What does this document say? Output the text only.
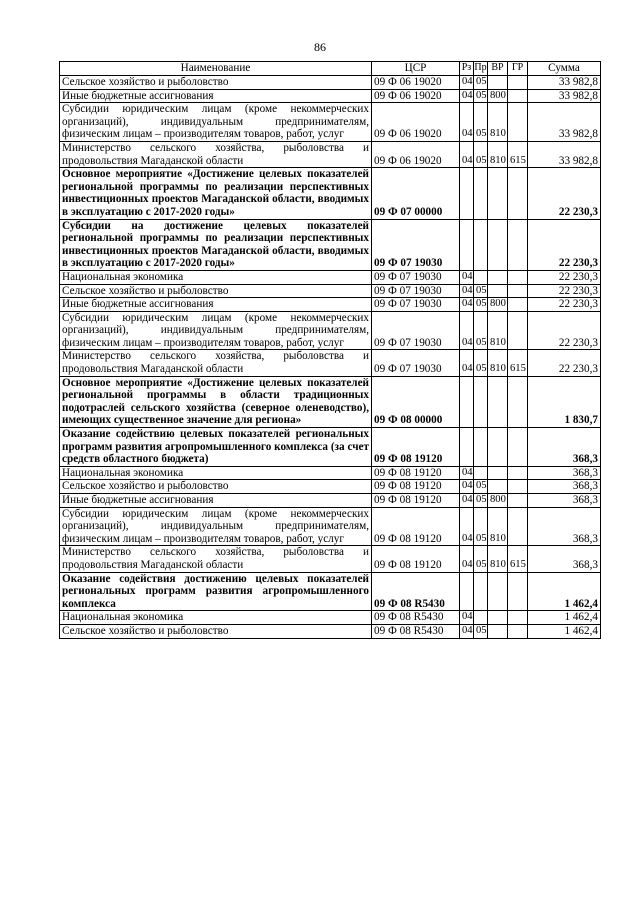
86
Наименование	ЦСР	Рз	Пр	ВР	ГР	Сумма
Сельское хозяйство и рыболовство	09 Ф 06 19020	04	05			33 982,8
Иные бюджетные ассигнования	09 Ф 06 19020	04	05	800		33 982,8
Субсидии юридическим лицам (кроме некоммерческих организаций), индивидуальным предпринимателям, физическим лицам – производителям товаров, работ, услуг	09 Ф 06 19020	04	05	810		33 982,8
Министерство сельского хозяйства, рыболовства и продовольствия Магаданской области	09 Ф 06 19020	04	05	810	615	33 982,8
Основное мероприятие «Достижение целевых показателей региональной программы по реализации перспективных инвестиционных проектов Магаданской области, вводимых в эксплуатацию с 2017-2020 годы»	09 Ф 07 00000					22 230,3
Субсидии на достижение целевых показателей региональной программы по реализации перспективных инвестиционных проектов Магаданской области, вводимых в эксплуатацию с 2017-2020 годы»	09 Ф 07 19030					22 230,3
Национальная экономика	09 Ф 07 19030	04				22 230,3
Сельское хозяйство и рыболовство	09 Ф 07 19030	04	05			22 230,3
Иные бюджетные ассигнования	09 Ф 07 19030	04	05	800		22 230,3
Субсидии юридическим лицам (кроме некоммерческих организаций), индивидуальным предпринимателям, физическим лицам – производителям товаров, работ, услуг	09 Ф 07 19030	04	05	810		22 230,3
Министерство сельского хозяйства, рыболовства и продовольствия Магаданской области	09 Ф 07 19030	04	05	810	615	22 230,3
Основное мероприятие «Достижение целевых показателей региональной программы в области традиционных подотраслей сельского хозяйства (северное оленеводство), имеющих существенное значение для региона»	09 Ф 08 00000					1 830,7
Оказание содействию целевых показателей региональных программ развития агропромышленного комплекса (за счет средств областного бюджета)	09 Ф 08 19120					368,3
Национальная экономика	09 Ф 08 19120	04				368,3
Сельское хозяйство и рыболовство	09 Ф 08 19120	04	05			368,3
Иные бюджетные ассигнования	09 Ф 08 19120	04	05	800		368,3
Субсидии юридическим лицам (кроме некоммерческих организаций), индивидуальным предпринимателям, физическим лицам – производителям товаров, работ, услуг	09 Ф 08 19120	04	05	810		368,3
Министерство сельского хозяйства, рыболовства и продовольствия Магаданской области	09 Ф 08 19120	04	05	810	615	368,3
Оказание содействия достижению целевых показателей региональных программ развития агропромышленного комплекса	09 Ф 08 R5430					1 462,4
Национальная экономика	09 Ф 08 R5430	04				1 462,4
Сельское хозяйство и рыболовство	09 Ф 08 R5430	04	05			1 462,4
